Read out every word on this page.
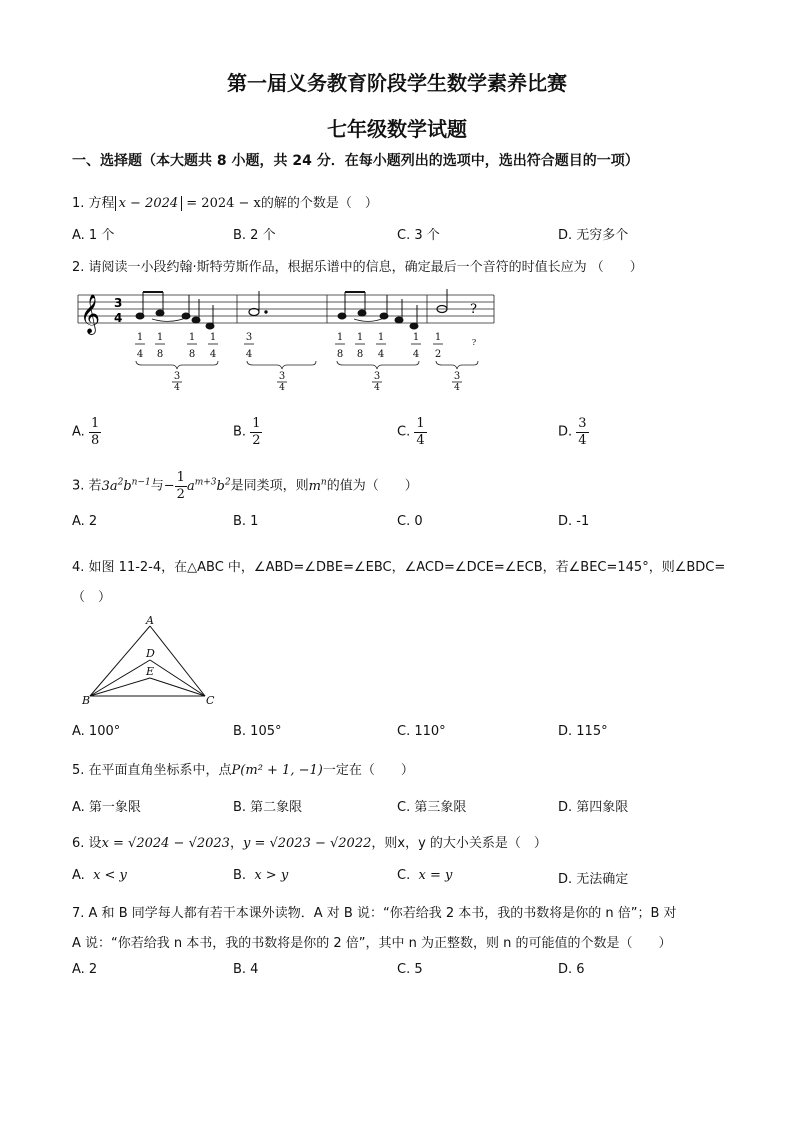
第一届义务教育阶段学生数学素养比赛
七年级数学试题
一、选择题（本大题共 8 小题，共 24 分．在每小题列出的选项中，选出符合题目的一项）
1. 方程 x − 2024 = 2024 − x的解的个数是（　）
A. 1 个	B. 2 个	C. 3 个	D. 无穷多个
2. 请阅读一小段约翰·斯特劳斯作品，根据乐谱中的信息，确定最后一个音符的时值长应为 （　　）
𝄞 3
4
?
1
4
1
8
1
8
1
4
3
4
1
8
1
8
1
4
1
4
1
2
?
3
4
3
4
3
4
3
4
A. $\frac{1}{8}$	B. $\frac{1}{2}$	C. $\frac{1}{4}$	D. $\frac{3}{4}$
3. 若$3a^2b^{n-1}$与− $\frac{1}{2} a^{m+3}b^2$是同类项，则$m^n$的值为（　　）
A. 2	B. 1	C. 0	D. -1
4. 如图 11-2-4，在△ABC 中，∠ABD=∠DBE=∠EBC，∠ACD=∠DCE=∠ECB，若∠BEC=145°，则∠BDC=
（　）
A
D
E
B	C
A. 100°	B. 105°	C. 110°	D. 115°
5. 在平面直角坐标系中，点P(m² + 1, −1)一定在（　　）
A. 第一象限	B. 第二象限	C. 第三象限	D. 第四象限
6. 设x = √2024 − √2023，y = √2023 − √2022，则x，y 的大小关系是（　）
A. x < y	B. x > y	C. x = y	D. 无法确定
7. A 和 B 同学每人都有若干本课外读物．A 对 B 说：“你若给我 2 本书，我的书数将是你的 n 倍”；B 对
A 说：“你若给我 n 本书，我的书数将是你的 2 倍”，其中 n 为正整数，则 n 的可能值的个数是（　　）
A. 2	B. 4	C. 5	D. 6
